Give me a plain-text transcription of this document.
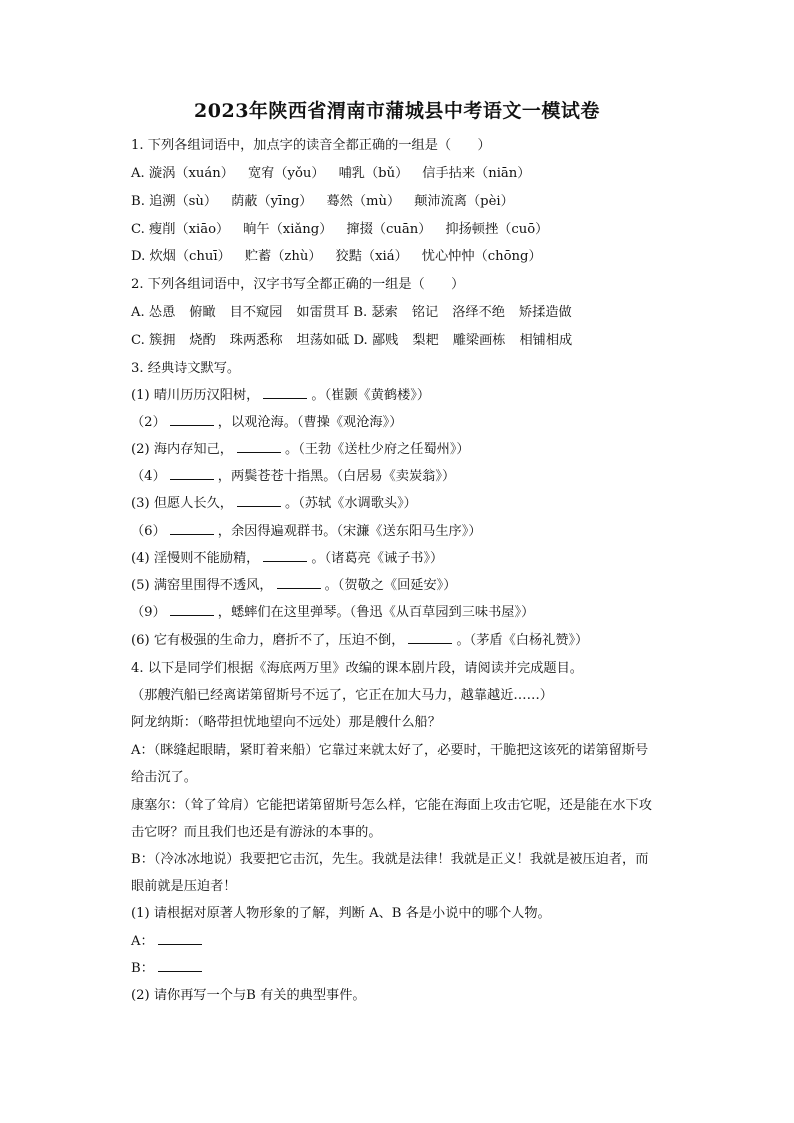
2023年陕西省渭南市蒲城县中考语文一模试卷
1. 下列各组词语中，加点字的读音全都正确的一组是（　　）
A. 漩涡（xuán） 宽宥（yǒu） 哺乳（bǔ） 信手拈来（niān）
B. 追溯（sù） 荫蔽（yīng） 蓦然（mù） 颠沛流离（pèi）
C. 瘦削（xiāo） 晌午（xiǎng） 撺掇（cuān） 抑扬顿挫（cuō）
D. 炊烟（chuī） 贮蓄（zhù） 狡黠（xiá） 忧心忡忡（chōng）
2. 下列各组词语中，汉字书写全都正确的一组是（　　）
A. 怂恿 俯瞰 目不窥园 如雷贯耳 B. 瑟索 铭记 洛绎不绝 矫揉造做
C. 簇拥 烧酌 珠两悉称 坦荡如砥 D. 鄙贱 梨耙 雕梁画栋 相铺相成
3. 经典诗文默写。
(1) 晴川历历汉阳树，	。（崔颢《黄鹤楼》）
（2）	，以观沧海。（曹操《观沧海》）
(2) 海内存知己，	。（王勃《送杜少府之任蜀州》）
（4）	，两鬓苍苍十指黑。（白居易《卖炭翁》）
(3) 但愿人长久，	。（苏轼《水调歌头》）
（6）	，余因得遍观群书。（宋濂《送东阳马生序》）
(4) 淫慢则不能励精，	。（诸葛亮《诫子书》）
(5) 满窑里围得不透风，	。（贺敬之《回延安》）
（9）	，蟋蟀们在这里弹琴。（鲁迅《从百草园到三味书屋》）
(6) 它有极强的生命力，磨折不了，压迫不倒，	。（茅盾《白杨礼赞》）
4. 以下是同学们根据《海底两万里》改编的课本剧片段，请阅读并完成题目。
（那艘汽船已经离诺第留斯号不远了，它正在加大马力，越靠越近……）
阿龙纳斯：（略带担忧地望向不远处）那是艘什么船？
A：（眯缝起眼睛，紧盯着来船）它靠过来就太好了，必要时，干脆把这该死的诺第留斯号
给击沉了。
康塞尔：（耸了耸肩）它能把诺第留斯号怎么样，它能在海面上攻击它呢，还是能在水下攻
击它呀？而且我们也还是有游泳的本事的。
B：（冷冰冰地说）我要把它击沉，先生。我就是法律！我就是正义！我就是被压迫者，而
眼前就是压迫者！
(1) 请根据对原著人物形象的了解，判断 A、B 各是小说中的哪个人物。
A：
B：
(2) 请你再写一个与B 有关的典型事件。
